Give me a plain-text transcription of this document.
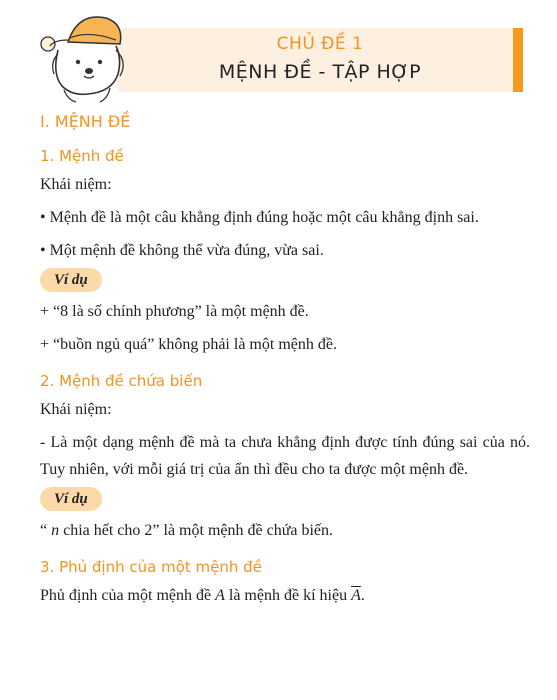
CHỦ ĐỀ 1
MỆNH ĐỀ - TẬP HỢP
I. MỆNH ĐỀ
1. Mệnh đề
Khái niệm:
• Mệnh đề là một câu khẳng định đúng hoặc một câu khẳng định sai.
• Một mệnh đề không thể vừa đúng, vừa sai.
Ví dụ
+ “8 là số chính phương” là một mệnh đề.
+ “buồn ngủ quá” không phải là một mệnh đề.
2. Mệnh đề chứa biến
Khái niệm:
- Là một dạng mệnh đề mà ta chưa khẳng định được tính đúng sai của nó. Tuy nhiên, với mỗi giá trị của ẩn thì đều cho ta được một mệnh đề.
Ví dụ
“ n chia hết cho 2” là một mệnh đề chứa biến.
3. Phủ định của một mệnh đề
Phủ định của một mệnh đề A là mệnh đề kí hiệu $\overline{A}$.
